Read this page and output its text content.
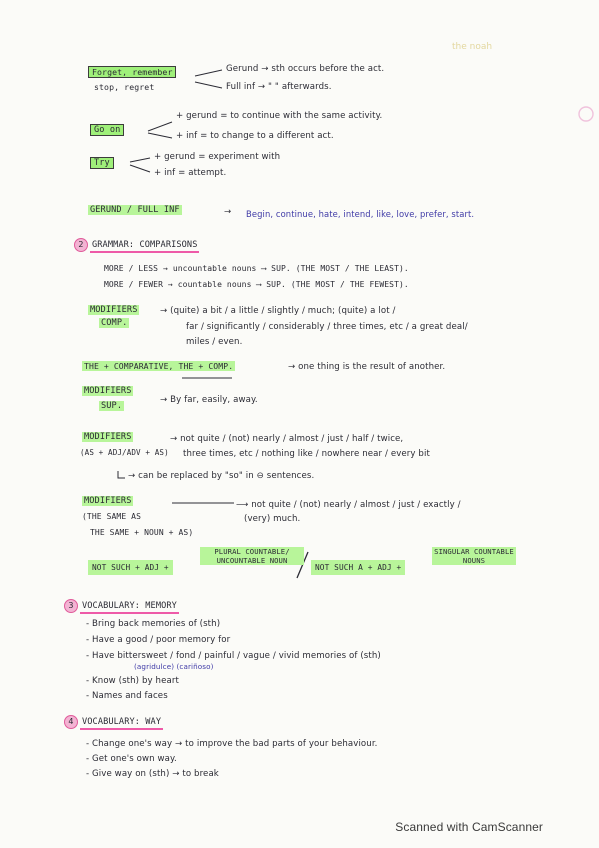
the noah
Forget, remember
stop, regret
Gerund → sth occurs before the act.
Full inf → " " afterwards.
Go on
+ gerund = to continue with the same activity.
+ inf = to change to a different act.
Try
+ gerund = experiment with
+ inf = attempt.
GERUND / FULL INF	→ Begin, continue, hate, intend, like, love, prefer, start.
2 GRAMMAR: COMPARISONS
MORE / LESS → uncountable nouns ⟶ SUP. (THE MOST / THE LEAST).
MORE / FEWER → countable nouns ⟶ SUP. (THE MOST / THE FEWEST).
MODIFIERS
COMP.
→ (quite) a bit / a little / slightly / much; (quite) a lot /
far / significantly / considerably / three times, etc / a great deal/
miles / even.
THE + COMPARATIVE, THE + COMP.	→ one thing is the result of another.
MODIFIERS
SUP.
→ By far, easily, away.
MODIFIERS
(AS + ADJ/ADV + AS)
→ not quite / (not) nearly / almost / just / half / twice,
three times, etc / nothing like / nowhere near / every bit
→ can be replaced by "so" in ⊖ sentences.
MODIFIERS
(THE SAME AS
THE SAME + NOUN + AS)
⟶ not quite / (not) nearly / almost / just / exactly /
(very) much.
NOT SUCH + ADJ +
PLURAL COUNTABLE/ UNCOUNTABLE NOUN
NOT SUCH A + ADJ +
SINGULAR COUNTABLE NOUNS
3 VOCABULARY: MEMORY
- Bring back memories of (sth)
- Have a good / poor memory for
- Have bittersweet / fond / painful / vague / vivid memories of (sth)
(agridulce) (cariñoso)
- Know (sth) by heart
- Names and faces
4 VOCABULARY: WAY
- Change one's way → to improve the bad parts of your behaviour.
- Get one's own way.
- Give way on (sth) → to break
Scanned with CamScanner
